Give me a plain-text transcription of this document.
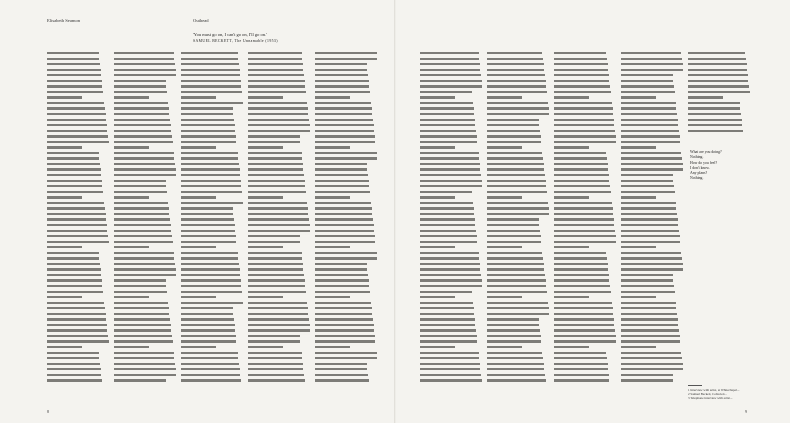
Elisabeth Seamon	Outhead
'You must go on, I can't go on, I'll go on.'
SAMUEL BECKETT, The Unnamable (1953)
What are you doing?
Nothing.
How do you feel?
I don't know.
Any plans?
Nothing.
1 Interview with artist, at Whitechapel...
2 Samuel Beckett, Collected...
3 Telephone interview with artist...
8	9
